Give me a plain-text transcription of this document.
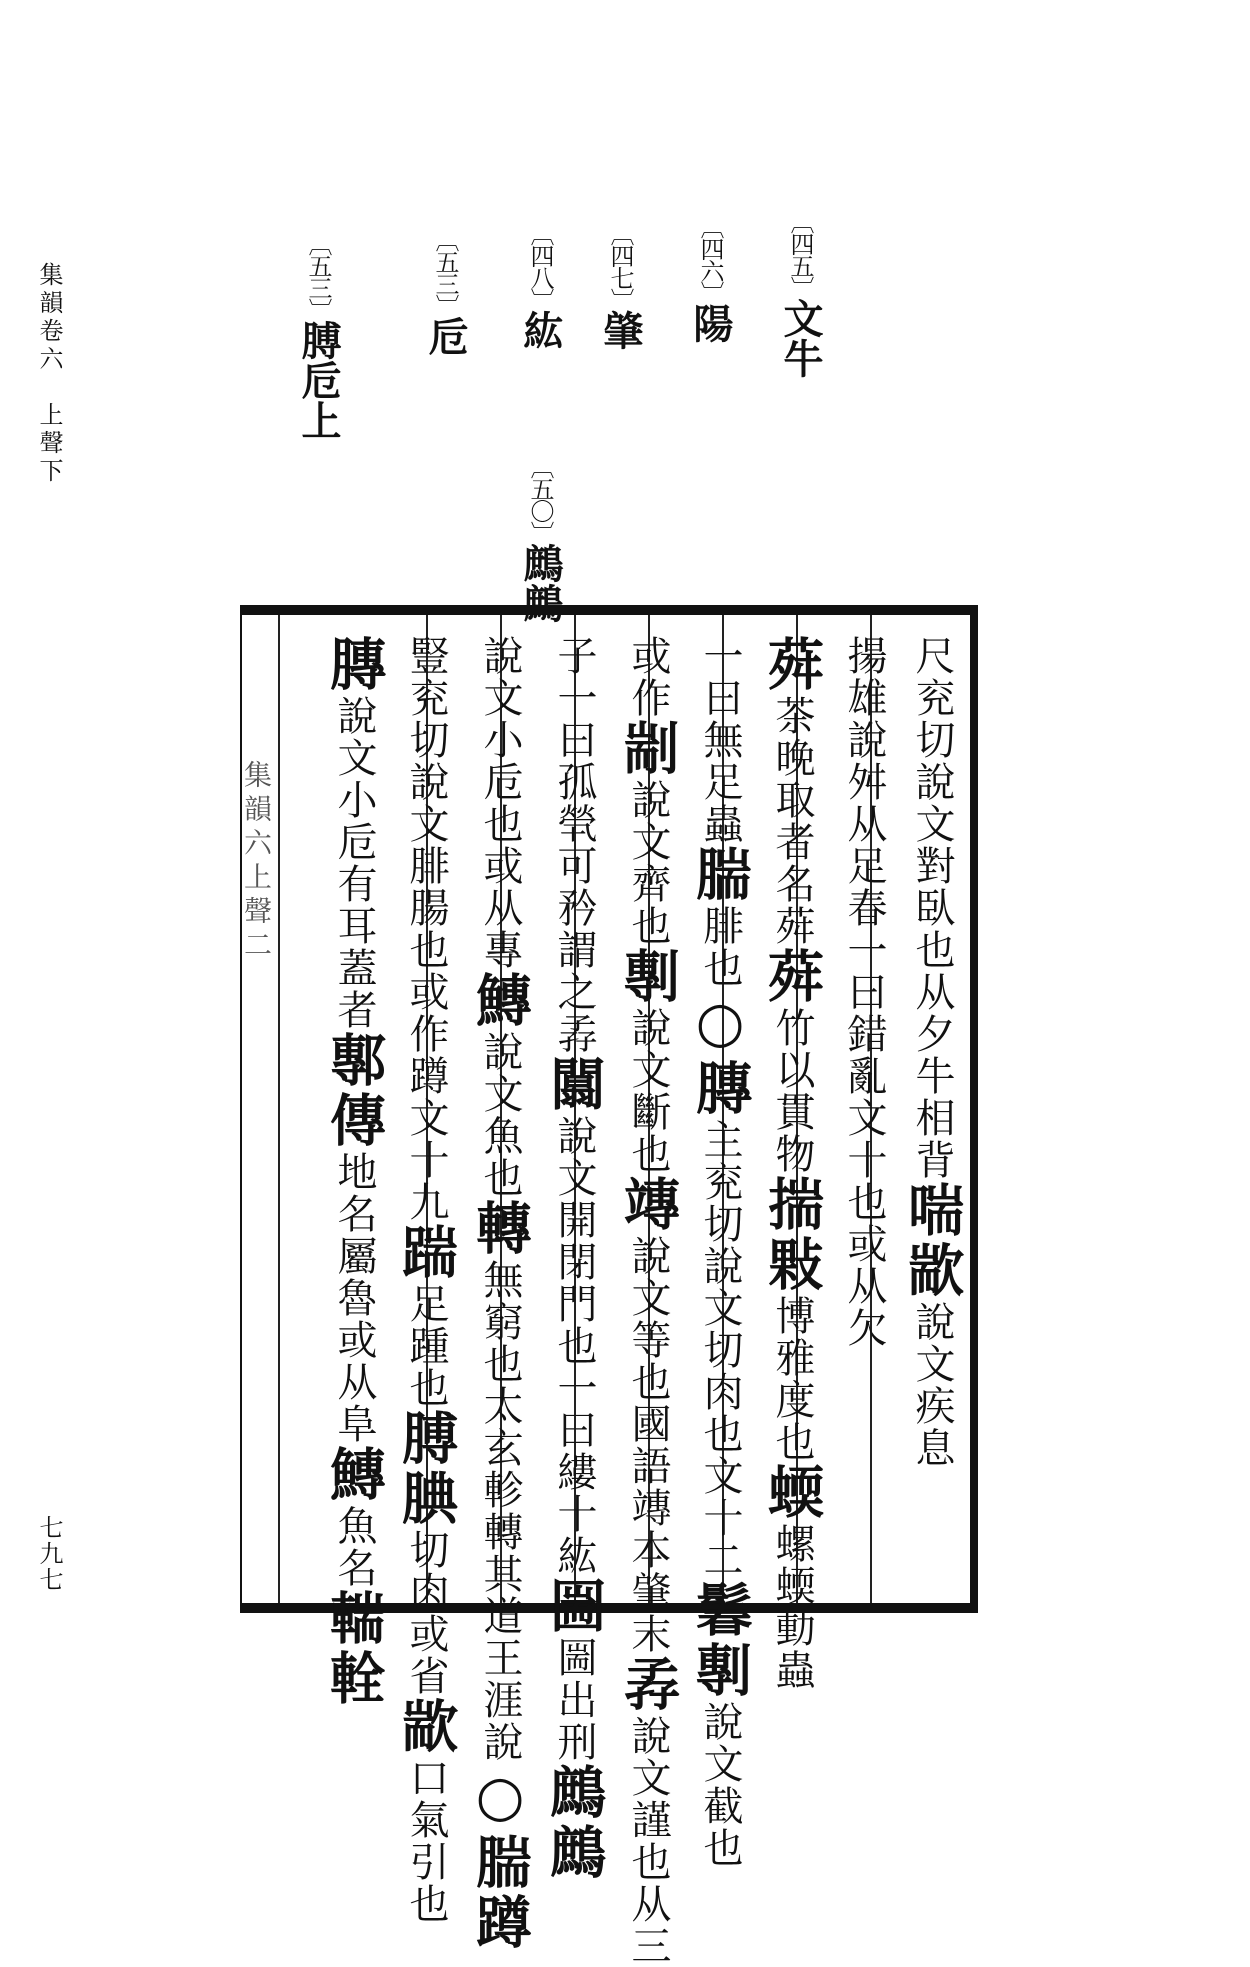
集韻卷六　上聲下
七九七
〔四五〕文牛
〔四六〕陽
〔四七〕肇
〔四八〕紘
〔五〇〕鷓鷓
〔五三〕卮
〔五三〕膊卮上
尺兖切說文對臥也从夕牛相背喘歂說文疾息
揚雄說舛从足春一曰錯亂文十也或从欠
荈茶晚取者名荈荈竹以貫物揣敤博雅度也蝡螺蝡動蟲
一曰無足蟲腨腓也○膞主兖切說文切肉也文十二鬊剸說文截也
或作剬說文齊也剸說文斷也竱說文等也國語竱本肇末孨說文謹也从三
子一曰孤煢可矜謂之孨闒說文開閉門也一曰縷十紘圌圌出刑鷓鷓
說文小卮也或从專鱄說文魚也轉無窮也太玄軫轉其道王涯說○腨蹲
豎兖切說文腓腸也或作蹲文十九踹足踵也膊腆切肉或省歂口氣引也
膞說文小卮有耳蓋者鄟傳地名屬魯或从阜鱄魚名輲輇
集韻六上聲二
